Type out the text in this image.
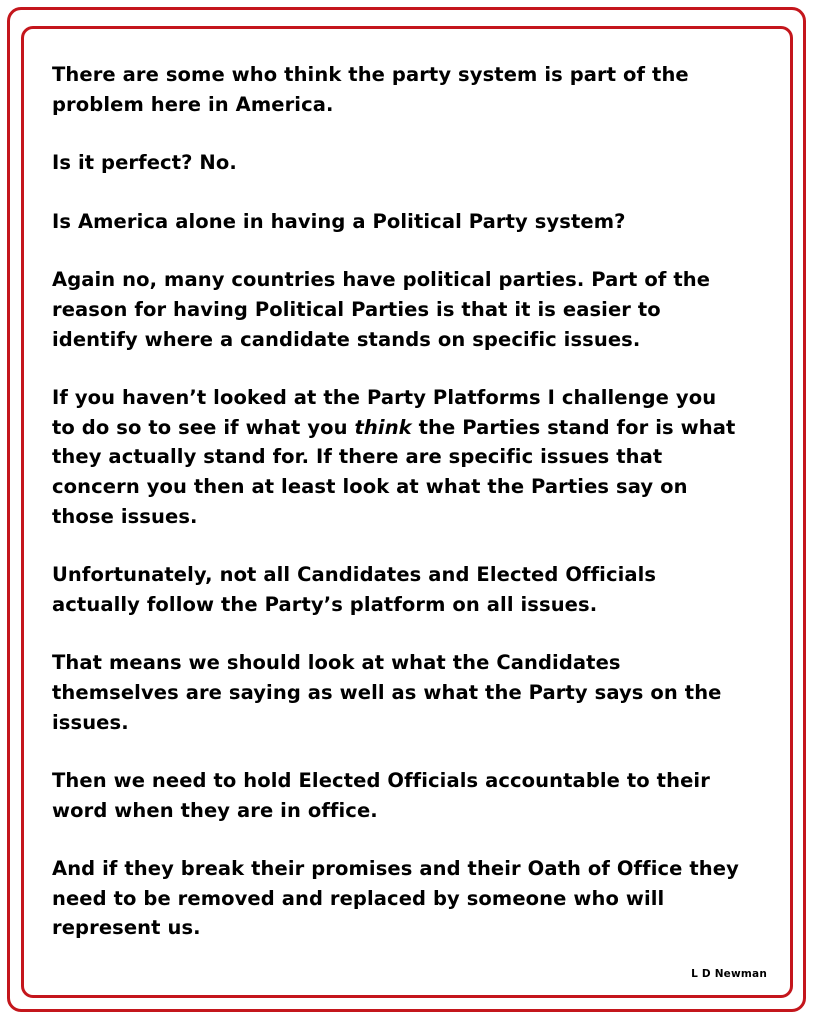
There are some who think the party system is part of the
problem here in America.

Is it perfect? No.

Is America alone in having a Political Party system?

Again no, many countries have political parties. Part of the
reason for having Political Parties is that it is easier to
identify where a candidate stands on specific issues.

If you haven’t looked at the Party Platforms I challenge you
to do so to see if what you think the Parties stand for is what
they actually stand for. If there are specific issues that
concern you then at least look at what the Parties say on
those issues.

Unfortunately, not all Candidates and Elected Officials
actually follow the Party’s platform on all issues.

That means we should look at what the Candidates
themselves are saying as well as what the Party says on the
issues.

Then we need to hold Elected Officials accountable to their
word when they are in office.

And if they break their promises and their Oath of Office they
need to be removed and replaced by someone who will
represent us.

L D Newman
